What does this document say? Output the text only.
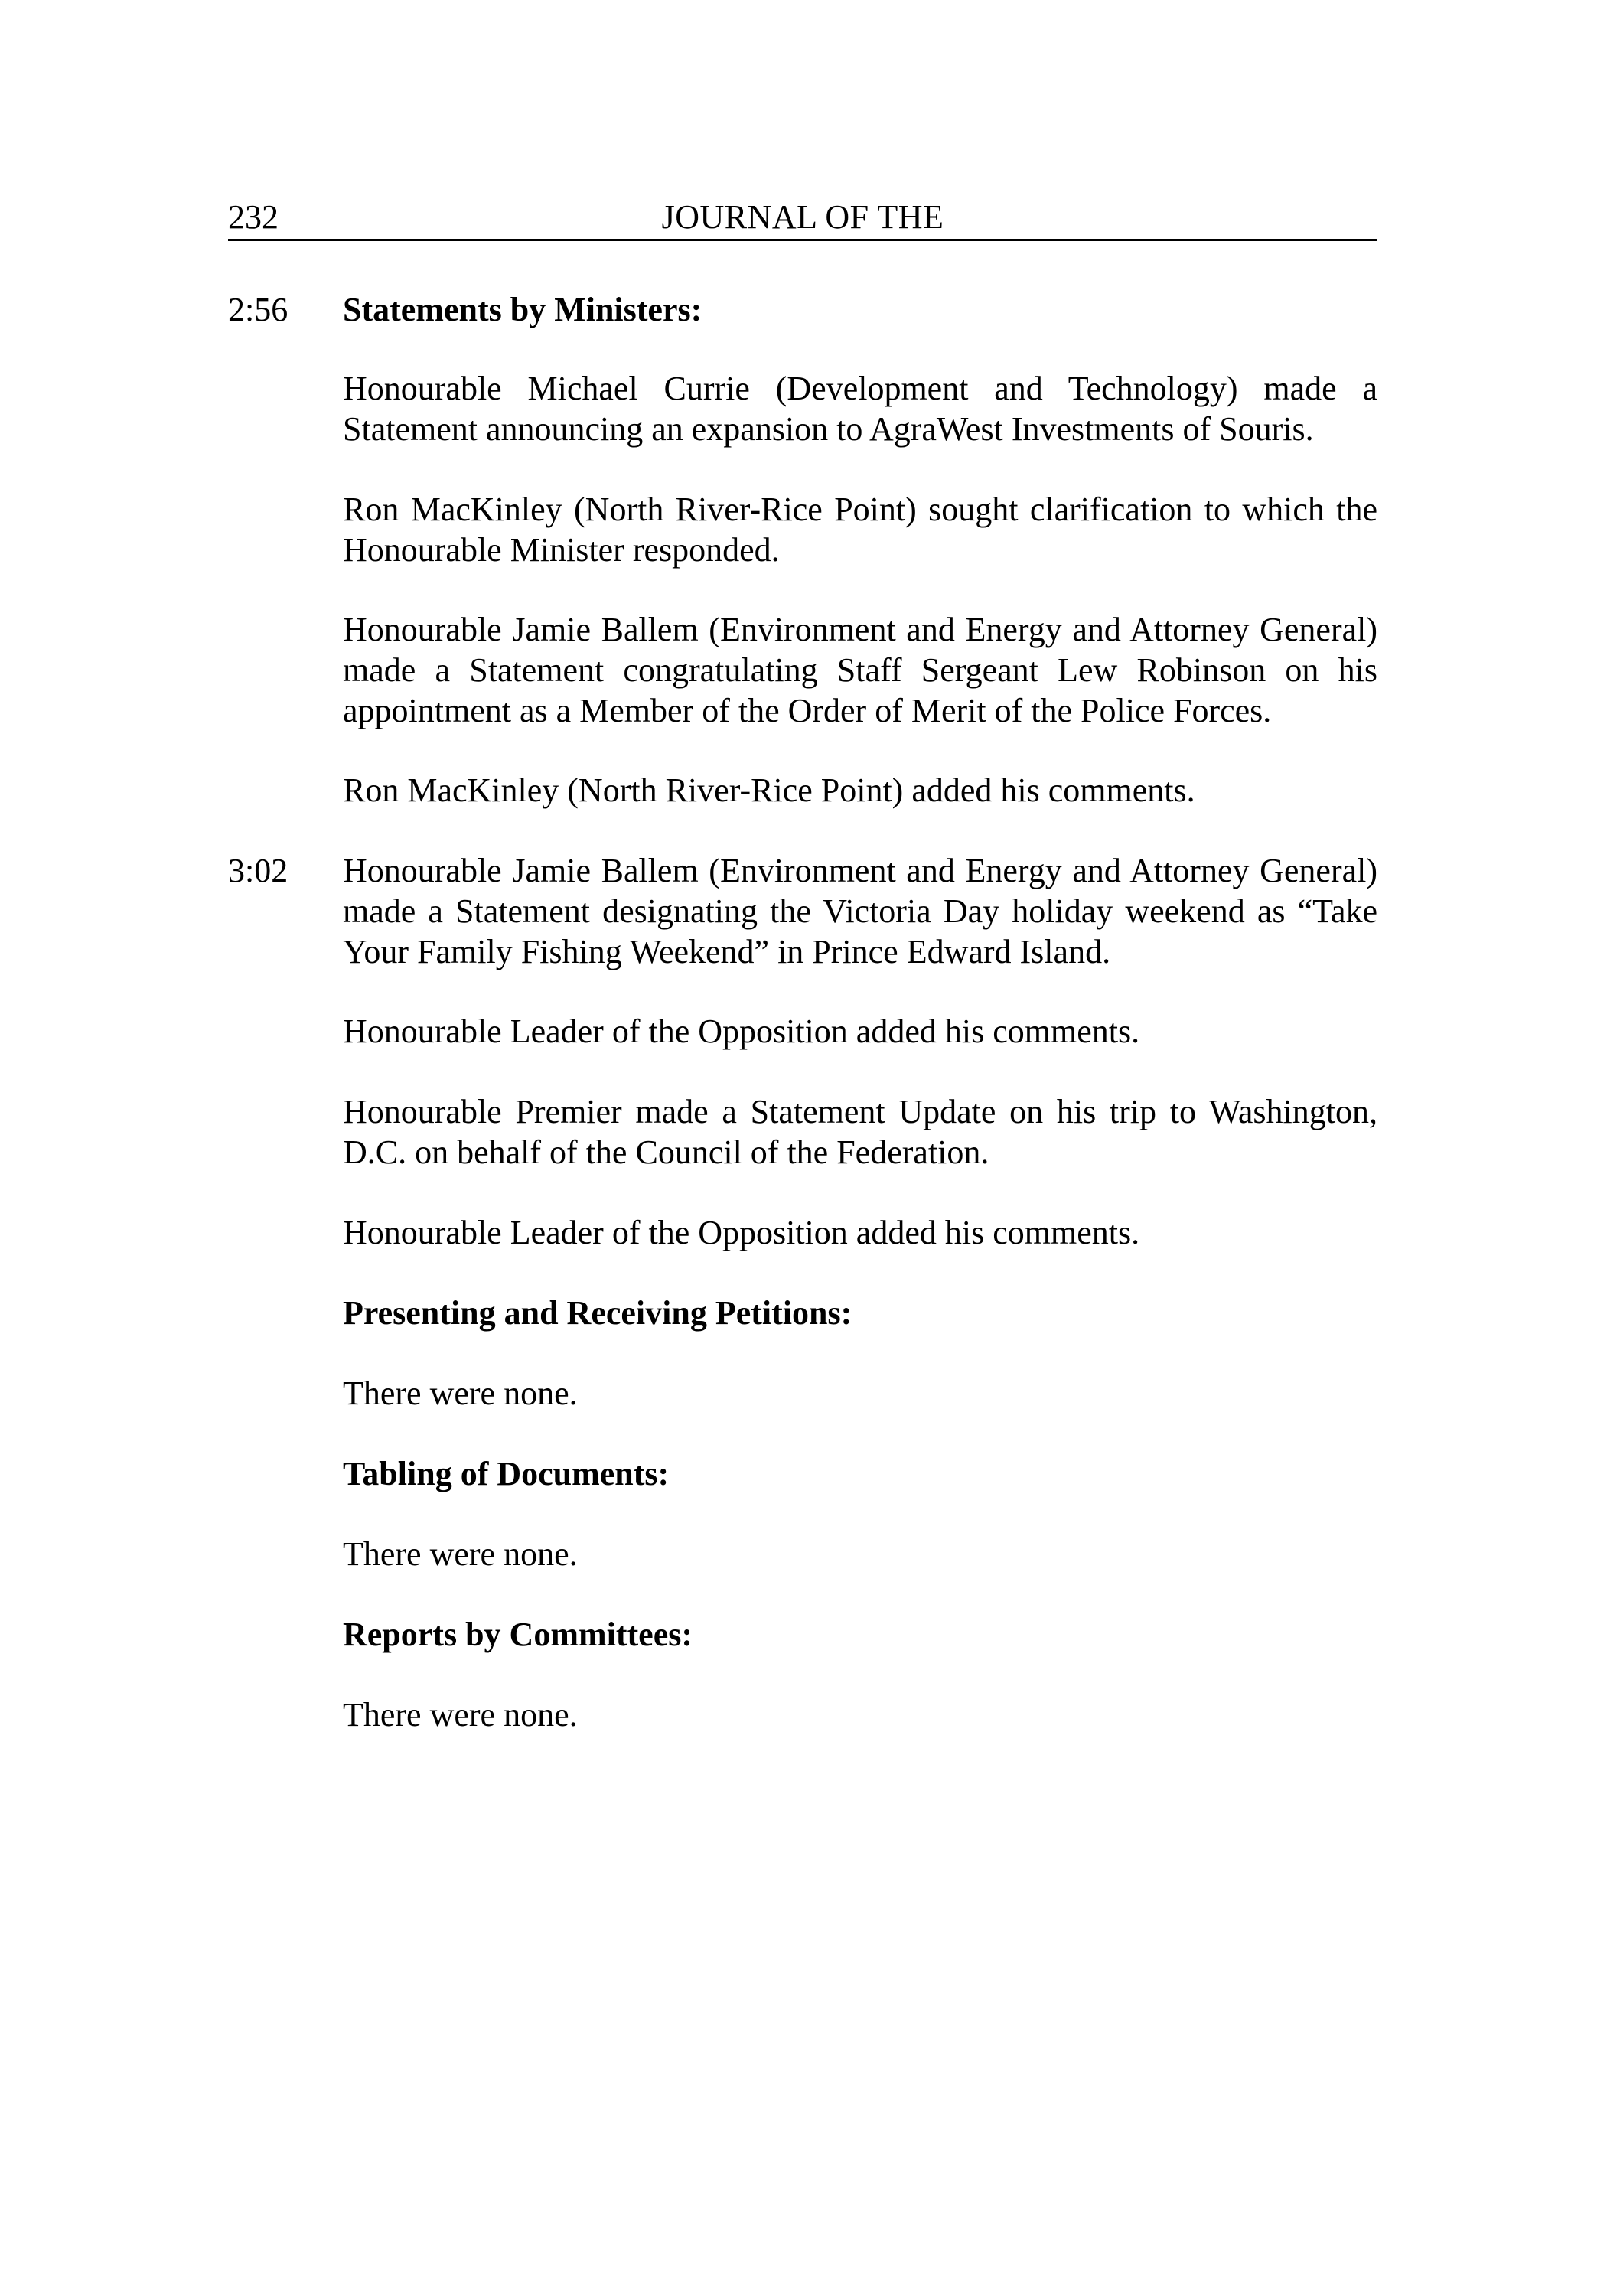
232	JOURNAL OF THE
2:56 Statements by Ministers:
Honourable Michael Currie (Development and Technology) made a
Statement announcing an expansion to AgraWest Investments of Souris.
Ron MacKinley (North River-Rice Point) sought clarification to which the
Honourable Minister responded.
Honourable Jamie Ballem (Environment and Energy and Attorney General)
made a Statement congratulating Staff Sergeant Lew Robinson on his
appointment as a Member of the Order of Merit of the Police Forces.
Ron MacKinley (North River-Rice Point) added his comments.
3:02 Honourable Jamie Ballem (Environment and Energy and Attorney General)
made a Statement designating the Victoria Day holiday weekend as “Take
Your Family Fishing Weekend” in Prince Edward Island.
Honourable Leader of the Opposition added his comments.
Honourable Premier made a Statement Update on his trip to Washington,
D.C. on behalf of the Council of the Federation.
Honourable Leader of the Opposition added his comments.
Presenting and Receiving Petitions:
There were none.
Tabling of Documents:
There were none.
Reports by Committees:
There were none.
